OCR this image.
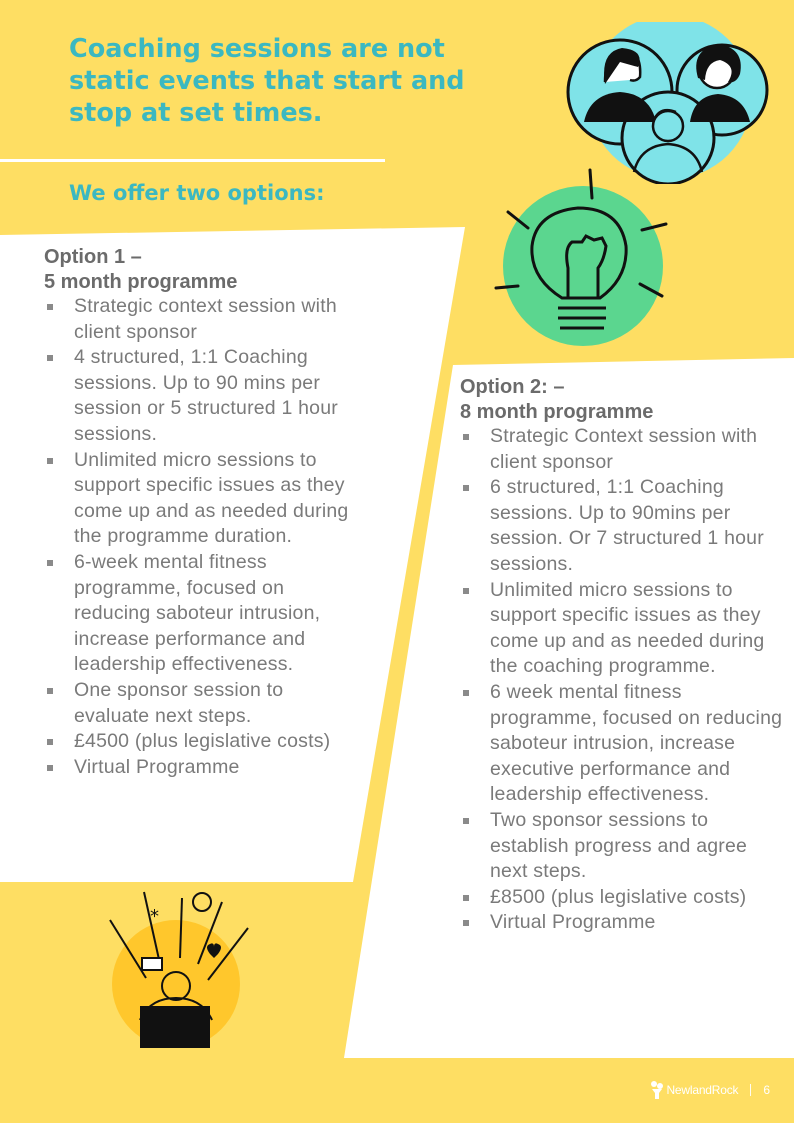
Coaching sessions are not static events that start and stop at set times.
We offer two options:
*
Option 1 –
5 month programme
Strategic context session with client sponsor
4 structured, 1:1 Coaching sessions. Up to 90 mins per session or 5 structured 1 hour sessions.
Unlimited micro sessions to support specific issues as they come up and as needed during the programme duration.
6-week mental fitness programme, focused on reducing saboteur intrusion, increase performance and leadership effectiveness.
One sponsor session to evaluate next steps.
£4500 (plus legislative costs)
Virtual Programme
Option 2: –
8 month programme
Strategic Context session with client sponsor
6 structured, 1:1 Coaching sessions. Up to 90mins per session. Or 7 structured 1 hour sessions.
Unlimited micro sessions to support specific issues as they come up and as needed during the coaching programme.
6 week mental fitness programme, focused on reducing saboteur intrusion, increase executive performance and leadership effectiveness.
Two sponsor sessions to establish progress and agree next steps.
£8500 (plus legislative costs)
Virtual Programme
NewlandRock 6
